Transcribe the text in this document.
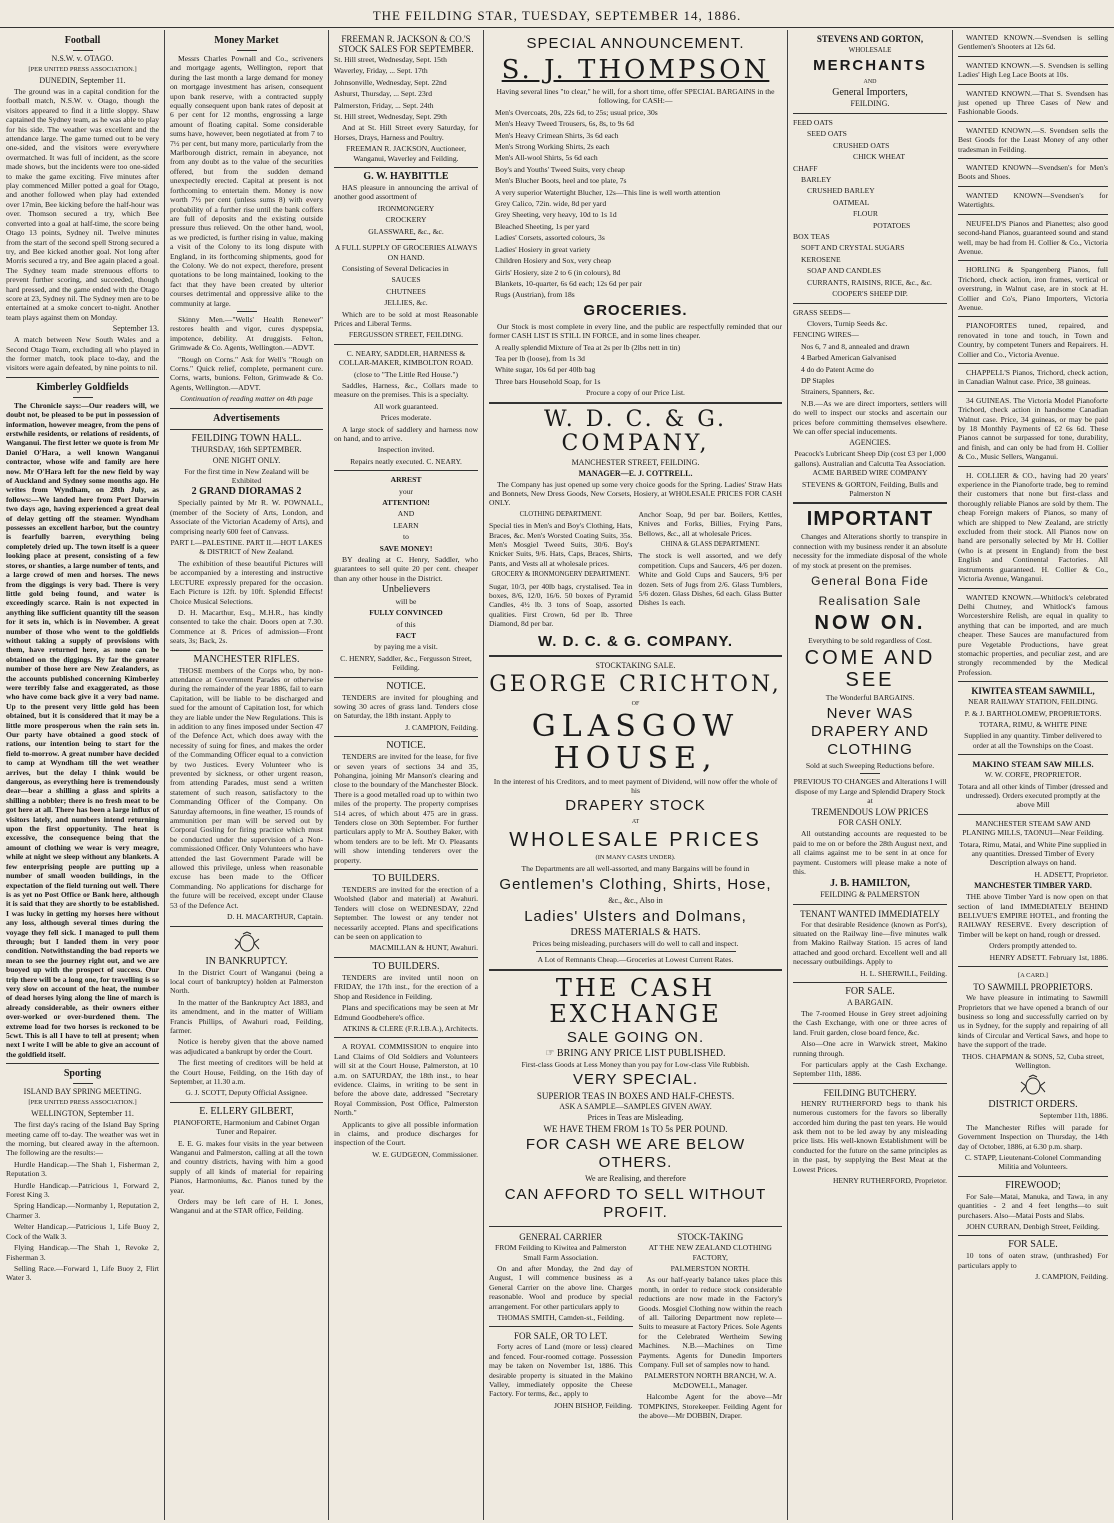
THE FEILDING STAR, TUESDAY, SEPTEMBER 14, 1886.
Football
N.S.W. v. OTAGO.
[PER UNITED PRESS ASSOCIATION.]
DUNEDIN, September 11.

The ground was in a capital condition for the football match, N.S.W. v. Otago, though the visitors appeared to find it a little sloppy. Shaw captained the Sydney team, as he was able to play for his side. The weather was excellent and the attendance large. The game turned out to be very one-sided, and the visitors were everywhere overmatched. It was full of incident, as the score made shows, but the incidents were too one-sided to make the game exciting. Five minutes after play commenced Miller potted a goal for Otago, and another followed when play had extended over 17min, Bee kicking before the half-hour was over. Thomson secured a try, which Bee converted into a goal at half-time, the score being Otago 13 points, Sydney nil. Twelve minutes from the start of the second spell Strong secured a try, and Bee kicked another goal. Not long after Morris secured a try, and Bee again placed a goal. The Sydney team made strenuous efforts to prevent further scoring, and succeeded, though hard pressed, and the game ended with the Otago score at 23, Sydney nil. The Sydney men are to be entertained at a smoke concert to-night. Another team plays against them on Monday.

September 13.

A match between New South Wales and a Second Otago Team, excluding all who played in the former match, took place to-day, and the visitors were again defeated, by nine points to nil.

Kimberley Goldfields

The Chronicle says:—Our readers will, we doubt not, be pleased to be put in possession of information, however meagre, from the pens of erstwhile residents, or relations of residents, of Wanganui. The first letter we quote is from Mr Daniel O'Hara, a well known Wanganui contractor, whose wife and family are here now. Mr O'Hara left for the new field by way of Auckland and Sydney some months ago. He writes from Wyndham, on 28th July, as follows:—We landed here from Port Darwin two days ago, having experienced a great deal of delay getting off the steamer. Wyndham possesses an excellent harbor, but the country is fearfully barren, everything being completely dried up. The town itself is a queer looking place at present, consisting of a few stores, or shanties, a large number of tents, and a large crowd of men and horses. The news from the diggings is very bad. There is very little gold being found, and water is exceedingly scarce. Rain is not expected in anything like sufficient quantity till the season for it sets in, which is in November. A great number of those who went to the goldfields without taking a supply of provisions with them, have returned here, as none can be obtained on the diggings. By far the greater number of those here are New Zealanders, as the accounts published concerning Kimberley were terribly false and exaggerated, as those who have come back give it a very bad name. Up to the present very little gold has been obtained, but it is considered that it may be a little more prosperous when the rain sets in. Our party have obtained a good stock of rations, our intention being to start for the field to-morrow. A great number have decided to camp at Wyndham till the wet weather arrives, but the delay I think would be dangerous, as everything here is tremendously dear—bear a shilling a glass and spirits a shilling a nobbler; there is no fresh meat to be got here at all. There has been a large influx of visitors lately, and numbers intend returning upon the first opportunity. The heat is excessive, the consequence being that the amount of clothing we wear is very meagre, while at night we sleep without any blankets. A few enterprising people are putting up a number of small wooden buildings, in the expectation of the field turning out well. There is as yet no Post Office or Bank here, although it is said that they are shortly to be established. I was lucky in getting my horses here without any loss, although several times during the voyage they fell sick. I managed to pull them through; but I landed them in very poor condition. Notwithstanding the bad reports we mean to see the journey right out, and we are buoyed up with the prospect of success. Our trip there will be a long one, for travelling is so very slow on account of the heat, the number of dead horses lying along the line of march is already considerable, as their owners either over-worked or over-burdened them. The extreme load for two horses is reckoned to be 5cwt. This is all I have to tell at present; when next I write I will be able to give an account of the goldfield itself.

Sporting
ISLAND BAY SPRING MEETING.
[PER UNITED PRESS ASSOCIATION.]
WELLINGTON, September 11.

The first day's racing of the Island Bay Spring meeting came off to-day. The weather was wet in the morning, but cleared away in the afternoon. The following are the results:—

Hurdle Handicap.—The Shah 1, Fisherman 2, Reputation 3.

Hurdle Handicap.—Patricious 1, Forward 2, Forest King 3.

Spring Handicap.—Normanby 1, Reputation 2, Charmer 3.

Welter Handicap.—Patricious 1, Life Buoy 2, Cock of the Walk 3.

Flying Handicap.—The Shah 1, Revoke 2, Fisherman 3.

Selling Race.—Forward 1, Life Buoy 2, Flirt Water 3.

Money Market

Messrs Charles Pownall and Co., scriveners and mortgage agents, Wellington, report that during the last month a large demand for money on mortgage investment has arisen, consequent upon bank reserve, with a contracted supply equally consequent upon bank rates of deposit at 6 per cent for 12 months, engrossing a large amount of floating capital. Some considerable sums have, however, been negotiated at from 7 to 7½ per cent, but many more, particularly from the Marlborough district, remain in abeyance, not from any doubt as to the value of the securities offered, but from the sudden demand unexpectedly erected. Capital at present is not forthcoming to entertain them. Money is now worth 7½ per cent (unless sums 8) with every probability of a further rise until the bank coffers are full of deposits and the existing outside pressure thus relieved. On the other hand, wool, as we predicted, is further rising in value, making a visit of the Colony to its long dispute with England, in its forthcoming shipments, good for the Colony. We do not expect, therefore, present quotations to be long maintained, looking to the fact that they have been created by ulterior courses detrimental and oppressive alike to the community at large.

Skinny Men.—"Wells' Health Renewer" restores health and vigor, cures dyspepsia, impotence, debility. At druggists. Felton, Grimwade & Co. Agents, Wellington.—ADVT.

"Rough on Corns." Ask for Well's "Rough on Corns." Quick relief, complete, permanent cure. Corns, warts, bunions. Felton, Grimwade & Co. Agents, Wellington.—ADVT.

Continuation of reading matter on 4th page

Advertisements
FEILDING TOWN HALL.
THURSDAY, 16th SEPTEMBER.
ONE NIGHT ONLY.

For the first time in New Zealand will be Exhibited

2 GRAND DIORAMAS 2

Specially painted by Mr R. W. POWNALL, (member of the Society of Arts, London, and Associate of the Victorian Academy of Arts), and comprising nearly 600 feet of Canvass.

PART I.—PALESTINE. PART II.—HOT LAKES & DISTRICT of New Zealand.

The exhibition of these beautiful Pictures will be accompanied by a interesting and instructive LECTURE expressly prepared for the occasion. Each Picture is 12ft. by 10ft. Splendid Effects! Choice Musical Selections.

D. H. Macarthur, Esq., M.H.R., has kindly consented to take the chair. Doors open at 7.30. Commence at 8. Prices of admission—Front seats, 3s; Back, 2s.

MANCHESTER RIFLES.

THOSE members of the Corps who, by non-attendance at Government Parades or otherwise during the remainder of the year 1886, fail to earn Capitation, will be liable to be discharged and sued for the amount of Capitation lost, for which they are liable under the New Regulations. This is in addition to any fines imposed under Section 47 of the Defence Act, which does away with the necessity of suing for fines, and makes the order of the Commanding Officer equal to a conviction by two Justices. Every Volunteer who is prevented by sickness, or other urgent reason, from attending Parades, must send a written statement of such reason, satisfactory to the Commanding Officer of the Company. On Saturday afternoons, in fine weather, 15 rounds of ammunition per man will be served out by Corporal Gosling for firing practice which must be conducted under the supervision of a Non-commissioned Officer. Only Volunteers who have attended the last Government Parade will be allowed this privilege, unless when reasonable excuse has been made to the Officer Commanding. No applications for discharge for the future will be received, except under Clause 53 of the Defence Act.

D. H. MACARTHUR, Captain.

IN BANKRUPTCY.

In the District Court of Wanganui (being a local court of bankruptcy) holden at Palmerston North.

In the matter of the Bankruptcy Act 1883, and its amendment, and in the matter of William Francis Phillips, of Awahuri road, Feilding, farmer.

Notice is hereby given that the above named was adjudicated a bankrupt by order the Court.

The first meeting of creditors will be held at the Court House, Feilding, on the 16th day of September, at 11.30 a.m.

G. J. SCOTT, Deputy Official Assignee.

E. ELLERY GILBERT,

PIANOFORTE, Harmonium and Cabinet Organ Tuner and Repairer.

E. E. G. makes four visits in the year between Wanganui and Palmerston, calling at all the town and country districts, having with him a good supply of all kinds of material for repairing Pianos, Harmoniums, &c. Pianos tuned by the year.

Orders may be left care of H. I. Jones, Wanganui and at the STAR office, Feilding.

FREEMAN R. JACKSON & CO.'S STOCK SALES FOR SEPTEMBER.

St. Hill street, Wednesday, Sept. 15th

Waverley, Friday, ... Sept. 17th

Johnsonville, Wednesday, Sept. 22nd

Ashurst, Thursday, ... Sept. 23rd

Palmerston, Friday, ... Sept. 24th

St. Hill street, Wednesday, Sept. 29th

And at St. Hill Street every Saturday, for Horses, Drays, Harness and Poultry.

FREEMAN R. JACKSON, Auctioneer, Wanganui, Waverley and Feilding.

G. W. HAYBITTLE

HAS pleasure in announcing the arrival of another good assortment of

IRONMONGERY

CROCKERY

GLASSWARE, &c., &c.

A FULL SUPPLY OF GROCERIES ALWAYS ON HAND.

Consisting of Several Delicacies in

SAUCES

CHUTNEES

JELLIES, &c.

Which are to be sold at most Reasonable Prices and Liberal Terms.

FERGUSSON STREET, FEILDING.

C. NEARY, SADDLER, HARNESS & COLLAR-MAKER, KIMBOLTON ROAD.

(close to "The Little Red House.")

Saddles, Harness, &c., Collars made to measure on the premises. This is a specialty.

All work guaranteed.

Prices moderate.

A large stock of saddlery and harness now on hand, and to arrive.

Inspection invited.

Repairs neatly executed. C. NEARY.

ARREST

your

ATTENTION!

AND

LEARN

to

SAVE MONEY!

BY dealing at C. Henry, Saddler, who guarantees to sell quite 20 per cent. cheaper than any other house in the District.

Unbelievers

will be

FULLY CONVINCED

of this

FACT

by paying me a visit.

C. HENRY, Saddler, &c., Fergusson Street, Feilding.

NOTICE.

TENDERS are invited for ploughing and sowing 30 acres of grass land. Tenders close on Saturday, the 18th instant. Apply to

J. CAMPION, Feilding.

NOTICE.

TENDERS are invited for the lease, for five or seven years of sections 34 and 35, Pohangina, joining Mr Manson's clearing and close to the boundary of the Manchester Block. There is a good metalled road up to within two miles of the property. The property comprises 514 acres, of which about 475 are in grass. Tenders close on 30th September. For further particulars apply to Mr A. Southey Baker, with whom tenders are to be left. Mr O. Pleasants will show intending tenderers over the property.

TO BUILDERS.

TENDERS are invited for the erection of a Woolshed (labor and material) at Awahuri. Tenders will close on WEDNESDAY, 22nd September. The lowest or any tender not necessarily accepted. Plans and specifications can be seen on application to

MACMILLAN & HUNT, Awahuri.

TO BUILDERS.

TENDERS are invited until noon on FRIDAY, the 17th inst., for the erection of a Shop and Residence in Feilding.

Plans and specifications may be seen at Mr Edmund Goodbehere's office.

ATKINS & CLERE (F.R.I.B.A.), Architects.

A ROYAL COMMISSION to enquire into Land Claims of Old Soldiers and Volunteers will sit at the Court House, Palmerston, at 10 a.m. on SATURDAY, the 18th inst., to hear evidence. Claims, in writing to be sent in before the above date, addressed "Secretary Royal Commission, Post Office, Palmerston North."

Applicants to give all possible information in claims, and produce discharges for inspection of the Court.

W. E. GUDGEON, Commissioner.

SPECIAL ANNOUNCEMENT.
S. J. THOMPSON

Having several lines "to clear," he will, for a short time, offer SPECIAL BARGAINS in the following, for CASH:—

Men's Overcoats, 20s, 22s 6d, to 25s; usual price, 30s

Men's Heavy Tweed Trousers, 6s, 8s, to 9s 6d

Men's Heavy Crimean Shirts, 3s 6d each

Men's Strong Working Shirts, 2s each

Men's All-wool Shirts, 5s 6d each

Boy's and Youths' Tweed Suits, very cheap

Men's Blucher Boots, heel and toe plate, 7s

A very superior Watertight Blucher, 12s—This line is well worth attention

Grey Calico, 72in. wide, 8d per yard

Grey Sheeting, very heavy, 10d to 1s 1d

Bleached Sheeting, 1s per yard

Ladies' Corsets, assorted colours, 3s

Ladies' Hosiery in great variety

Children Hosiery and Sox, very cheap

Girls' Hosiery, size 2 to 6 (in colours), 8d

Blankets, 10-quarter, 6s 6d each; 12s 6d per pair

Rugs (Austrian), from 18s

GROCERIES.

Our Stock is most complete in every line, and the public are respectfully reminded that our former CASH LIST IS STILL IN FORCE, and in some lines cheaper.

A really splendid Mixture of Tea at 2s per lb (2lbs nett in tin)

Tea per lb (loose), from 1s 3d

White sugar, 10s 6d per 40lb bag

Three bars Household Soap, for 1s

Procure a copy of our Price List.

W. D. C. & G. COMPANY,
MANCHESTER STREET, FEILDING.
MANAGER—E. J. COTTRELL.

The Company has just opened up some very choice goods for the Spring. Ladies' Straw Hats and Bonnets, New Dress Goods, New Corsets, Hosiery, at WHOLESALE PRICES FOR CASH ONLY.

CLOTHING DEPARTMENT.

Special ties in Men's and Boy's Clothing, Hats, Braces, &c. Men's Worsted Coating Suits, 35s. Men's Mosgiel Tweed Suits, 30/6. Boy's Knicker Suits, 9/6. Hats, Caps, Braces, Shirts, Pants, and Vests all at wholesale prices.

GROCERY & IRONMONGERY DEPARTMENT.

Sugar, 10/3, per 40lb bags, crystalised. Tea in boxes, 8/6, 12/0, 16/6. 50 boxes of Pyramid Candles, 4½ lb. 3 tons of Soap, assorted qualities. First Crown, 6d per lb. Three Diamond, 8d per bar.

Anchor Soap, 9d per bar. Boilers, Kettles, Knives and Forks, Billies, Frying Pans, Bellows, &c., all at wholesale Prices.

CHINA & GLASS DEPARTMENT.

The stock is well assorted, and we defy competition. Cups and Saucers, 4/6 per dozen. White and Gold Cups and Saucers, 9/6 per dozen. Sets of Jugs from 2/6. Glass Tumblers, 5/6 dozen. Glass Dishes, 6d each. Glass Butter Dishes 1s each.

W. D. C. & G. COMPANY.
STOCKTAKING SALE.
GEORGE CRICHTON,
OF
GLASGOW HOUSE,

In the interest of his Creditors, and to meet payment of Dividend, will now offer the whole of his

DRAPERY STOCK
AT
WHOLESALE PRICES
(IN MANY CASES UNDER).

The Departments are all well-assorted, and many Bargains will be found in

Gentlemen's Clothing, Shirts, Hose,
&c., &c., Also in
Ladies' Ulsters and Dolmans,
DRESS MATERIALS & HATS.

Prices being misleading, purchasers will do well to call and inspect.

A Lot of Remnants Cheap.—Groceries at Lowest Current Rates.

THE CASH EXCHANGE
SALE GOING ON.
☞ BRING ANY PRICE LIST PUBLISHED.

First-class Goods at Less Money than you pay for Low-class Vile Rubbish.

VERY SPECIAL.
SUPERIOR TEAS IN BOXES AND HALF-CHESTS.
ASK A SAMPLE—SAMPLES GIVEN AWAY.
Prices in Teas are Misleading.
WE HAVE THEM FROM 1s TO 5s PER POUND.
FOR CASH WE ARE BELOW OTHERS.
We are Realising, and therefore
CAN AFFORD TO SELL WITHOUT PROFIT.
GENERAL CARRIER

FROM Feilding to Kiwitea and Palmerston Small Farm Association.

On and after Monday, the 2nd day of August, I will commence business as a General Carrier on the above line. Charges reasonable. Wool and produce by special arrangement. For other particulars apply to

THOMAS SMITH, Camden-st., Feilding.

FOR SALE, OR TO LET.

Forty acres of Land (more or less) cleared and fenced. Four-roomed cottage. Possession may be taken on November 1st, 1886. This desirable property is situated in the Makino Valley, immediately opposite the Cheese Factory. For terms, &c., apply to

JOHN BISHOP, Feilding.

STOCK-TAKING

AT THE NEW ZEALAND CLOTHING FACTORY,

PALMERSTON NORTH.

As our half-yearly balance takes place this month, in order to reduce stock considerable reductions are now made in the Factory's Goods. Mosgiel Clothing now within the reach of all. Tailoring Department now replete—Suits to measure at Factory Prices. Sole Agents for the Celebrated Wertheim Sewing Machines. N.B.—Machines on Time Payments. Agents for Dunedin Importers Company. Full set of samples now to hand.

PALMERSTON NORTH BRANCH, W. A. McDOWELL, Manager.

Halcombe Agent for the above—Mr TOMPKINS, Storekeeper. Feilding Agent for the above—Mr DOBBIN, Draper.

STEVENS AND GORTON,
WHOLESALE
MERCHANTS
AND
General Importers,
FEILDING.

FEED OATS

SEED OATS

CRUSHED OATS

CHICK WHEAT

CHAFF

BARLEY

CRUSHED BARLEY

OATMEAL

FLOUR

POTATOES

BOX TEAS

SOFT AND CRYSTAL SUGARS

KEROSENE

SOAP AND CANDLES

CURRANTS, RAISINS, RICE, &c., &c.

COOPER'S SHEEP DIP.

GRASS SEEDS—

Clovers, Turnip Seeds &c.

FENCING WIRES—

Nos 6, 7 and 8, annealed and drawn

4 Barbed American Galvanised

4 do do Patent Acme do

DP Staples

Strainers, Spanners, &c.

N.B.—As we are direct importers, settlers will do well to inspect our stocks and ascertain our prices before committing themselves elsewhere. We can offer special inducements.

AGENCIES.

Peacock's Lubricant Sheep Dip (cost £3 per 1,000 gallons). Australian and Calcutta Tea Association. ACME BARBED WIRE COMPANY

STEVENS & GORTON, Feilding, Bulls and Palmerston N

IMPORTANT

Changes and Alterations shortly to transpire in connection with my business render it an absolute necessity for the immediate disposal of the whole of my stock at present on the premises.

General Bona Fide
Realisation Sale
NOW ON.

Everything to be sold regardless of Cost.

COME AND SEE

The Wonderful BARGAINS.

Never WAS DRAPERY AND CLOTHING

Sold at such Sweeping Reductions before.

PREVIOUS TO CHANGES and Alterations I will dispose of my Large and Splendid Drapery Stock at

TREMENDOUS LOW PRICES
FOR CASH ONLY.

All outstanding accounts are requested to be paid to me on or before the 28th August next, and all claims against me to be sent in at once for payment. Customers will please make a note of this.

J. B. HAMILTON,
FEILDING & PALMERSTON
TENANT WANTED IMMEDIATELY

For that desirable Residence (known as Port's), situated on the Railway line—five minutes walk from Makino Railway Station. 15 acres of land attached and good orchard. Excellent well and all necessary outbuildings. Apply to

H. L. SHERWILL, Feilding.

FOR SALE.
A BARGAIN.

The 7-roomed House in Grey street adjoining the Cash Exchange, with one or three acres of land. Fruit garden, close board fence, &c.

Also—One acre in Warwick street, Makino running through.

For particulars apply at the Cash Exchange. September 11th, 1886.

FEILDING BUTCHERY.

HENRY RUTHERFORD begs to thank his numerous customers for the favors so liberally accorded him during the past ten years. He would ask them not to be led away by any misleading price lists. His well-known Establishment will be conducted for the future on the same principles as in the past, by supplying the Best Meat at the Lowest Prices.

HENRY RUTHERFORD, Proprietor.

WANTED KNOWN.—Svendsen is selling Gentlemen's Shooters at 12s 6d.

WANTED KNOWN.—S. Svendsen is selling Ladies' High Leg Lace Boots at 10s.

WANTED KNOWN.—That S. Svendsen has just opened up Three Cases of New and Fashionable Goods.

WANTED KNOWN.—S. Svendsen sells the Best Goods for the Least Money of any other tradesman in Feilding.

WANTED KNOWN—Svendsen's for Men's Boots and Shoes.

WANTED KNOWN—Svendsen's for Watertights.

NEUFELD'S Pianos and Pianettes; also good second-hand Pianos, guaranteed sound and stand well, may be had from H. Collier & Co., Victoria Avenue.

HORLING & Spangenberg Pianos, full Trichord, check action, iron frames, vertical or overstrung, in Walnut case, are in stock at H. Collier and Co's, Piano Importers, Victoria Avenue.

PIANOFORTES tuned, repaired, and renovated in tone and touch, in Town and Country, by competent Tuners and Repairers. H. Collier and Co., Victoria Avenue.

CHAPPELL'S Pianos, Trichord, check action, in Canadian Walnut case. Price, 38 guineas.

34 GUINEAS. The Victoria Model Pianoforte Trichord, check action in handsome Canadian Walnut case. Price, 34 guineas, or may be paid by 18 Monthly Payments of £2 6s 6d. These Pianos cannot be surpassed for tone, durability, and finish, and can only be had from H. Collier & Co., Music Sellers, Wanganui.

H. COLLIER & CO., having had 20 years' experience in the Pianoforte trade, beg to remind their customers that none but first-class and thoroughly reliable Pianos are sold by them. The cheap Foreign makers of Pianos, so many of which are shipped to New Zealand, are strictly excluded from their stock. All Pianos now on hand are personally selected by Mr H. Collier (who is at present in England) from the best English and Continental Factories. All instruments guaranteed. H. Collier & Co., Victoria Avenue, Wanganui.

WANTED KNOWN.—Whitlock's celebrated Delhi Chutney, and Whitlock's famous Worcestershire Relish, are equal in quality to anything that can be imported, and are much cheaper. These Sauces are manufactured from pure Vegetable Productions, have great stomachic properties, and peculiar zest, and are strongly recommended by the Medical Profession.

KIWITEA STEAM SAWMILL,

NEAR RAILWAY STATION, FEILDING.

P. & J. BARTHOLOMEW, PROPRIETORS.

TOTARA, RIMU, & WHITE PINE

Supplied in any quantity. Timber delivered to order at all the Townships on the Coast.

MAKINO STEAM SAW MILLS.

W. W. CORFE, PROPRIETOR.

Totara and all other kinds of Timber (dressed and undressed). Orders executed promptly at the above Mill

MANCHESTER STEAM SAW AND PLANING MILLS, TAONUI—Near Feilding.

Totara, Rimu, Matai, and White Pine supplied in any quantities. Dressed Timber of Every Description always on hand.

H. ADSETT, Proprietor.

MANCHESTER TIMBER YARD.

THE above Timber Yard is now open on that section of land IMMEDIATELY BEHIND BELLVUE'S EMPIRE HOTEL, and fronting the RAILWAY RESERVE. Every description of Timber will be kept on hand, rough or dressed.

Orders promptly attended to.

HENRY ADSETT. February 1st, 1886.

[A CARD.]
TO SAWMILL PROPRIETORS.

We have pleasure in intimating to Sawmill Proprietors that we have opened a branch of our business so long and successfully carried on by us in Sydney, for the supply and repairing of all kinds of Circular and Vertical Saws, and hope to have the support of the trade.

THOS. CHAPMAN & SONS, 52, Cuba street, Wellington.

DISTRICT ORDERS.

September 11th, 1886.

The Manchester Rifles will parade for Government Inspection on Thursday, the 14th day of October, 1886, at 6.30 p.m. sharp.

C. STAPP, Lieutenant-Colonel Commanding Militia and Volunteers.

FIREWOOD;

For Sale—Matai, Manuka, and Tawa, in any quantities - 2 and 4 feet lengths—to suit purchasers. Also—Matai Posts and Slabs.

JOHN CURRAN, Denbigh Street, Feilding.

FOR SALE.

10 tons of oaten straw, (unthrashed) For particulars apply to

J. CAMPION, Feilding.
